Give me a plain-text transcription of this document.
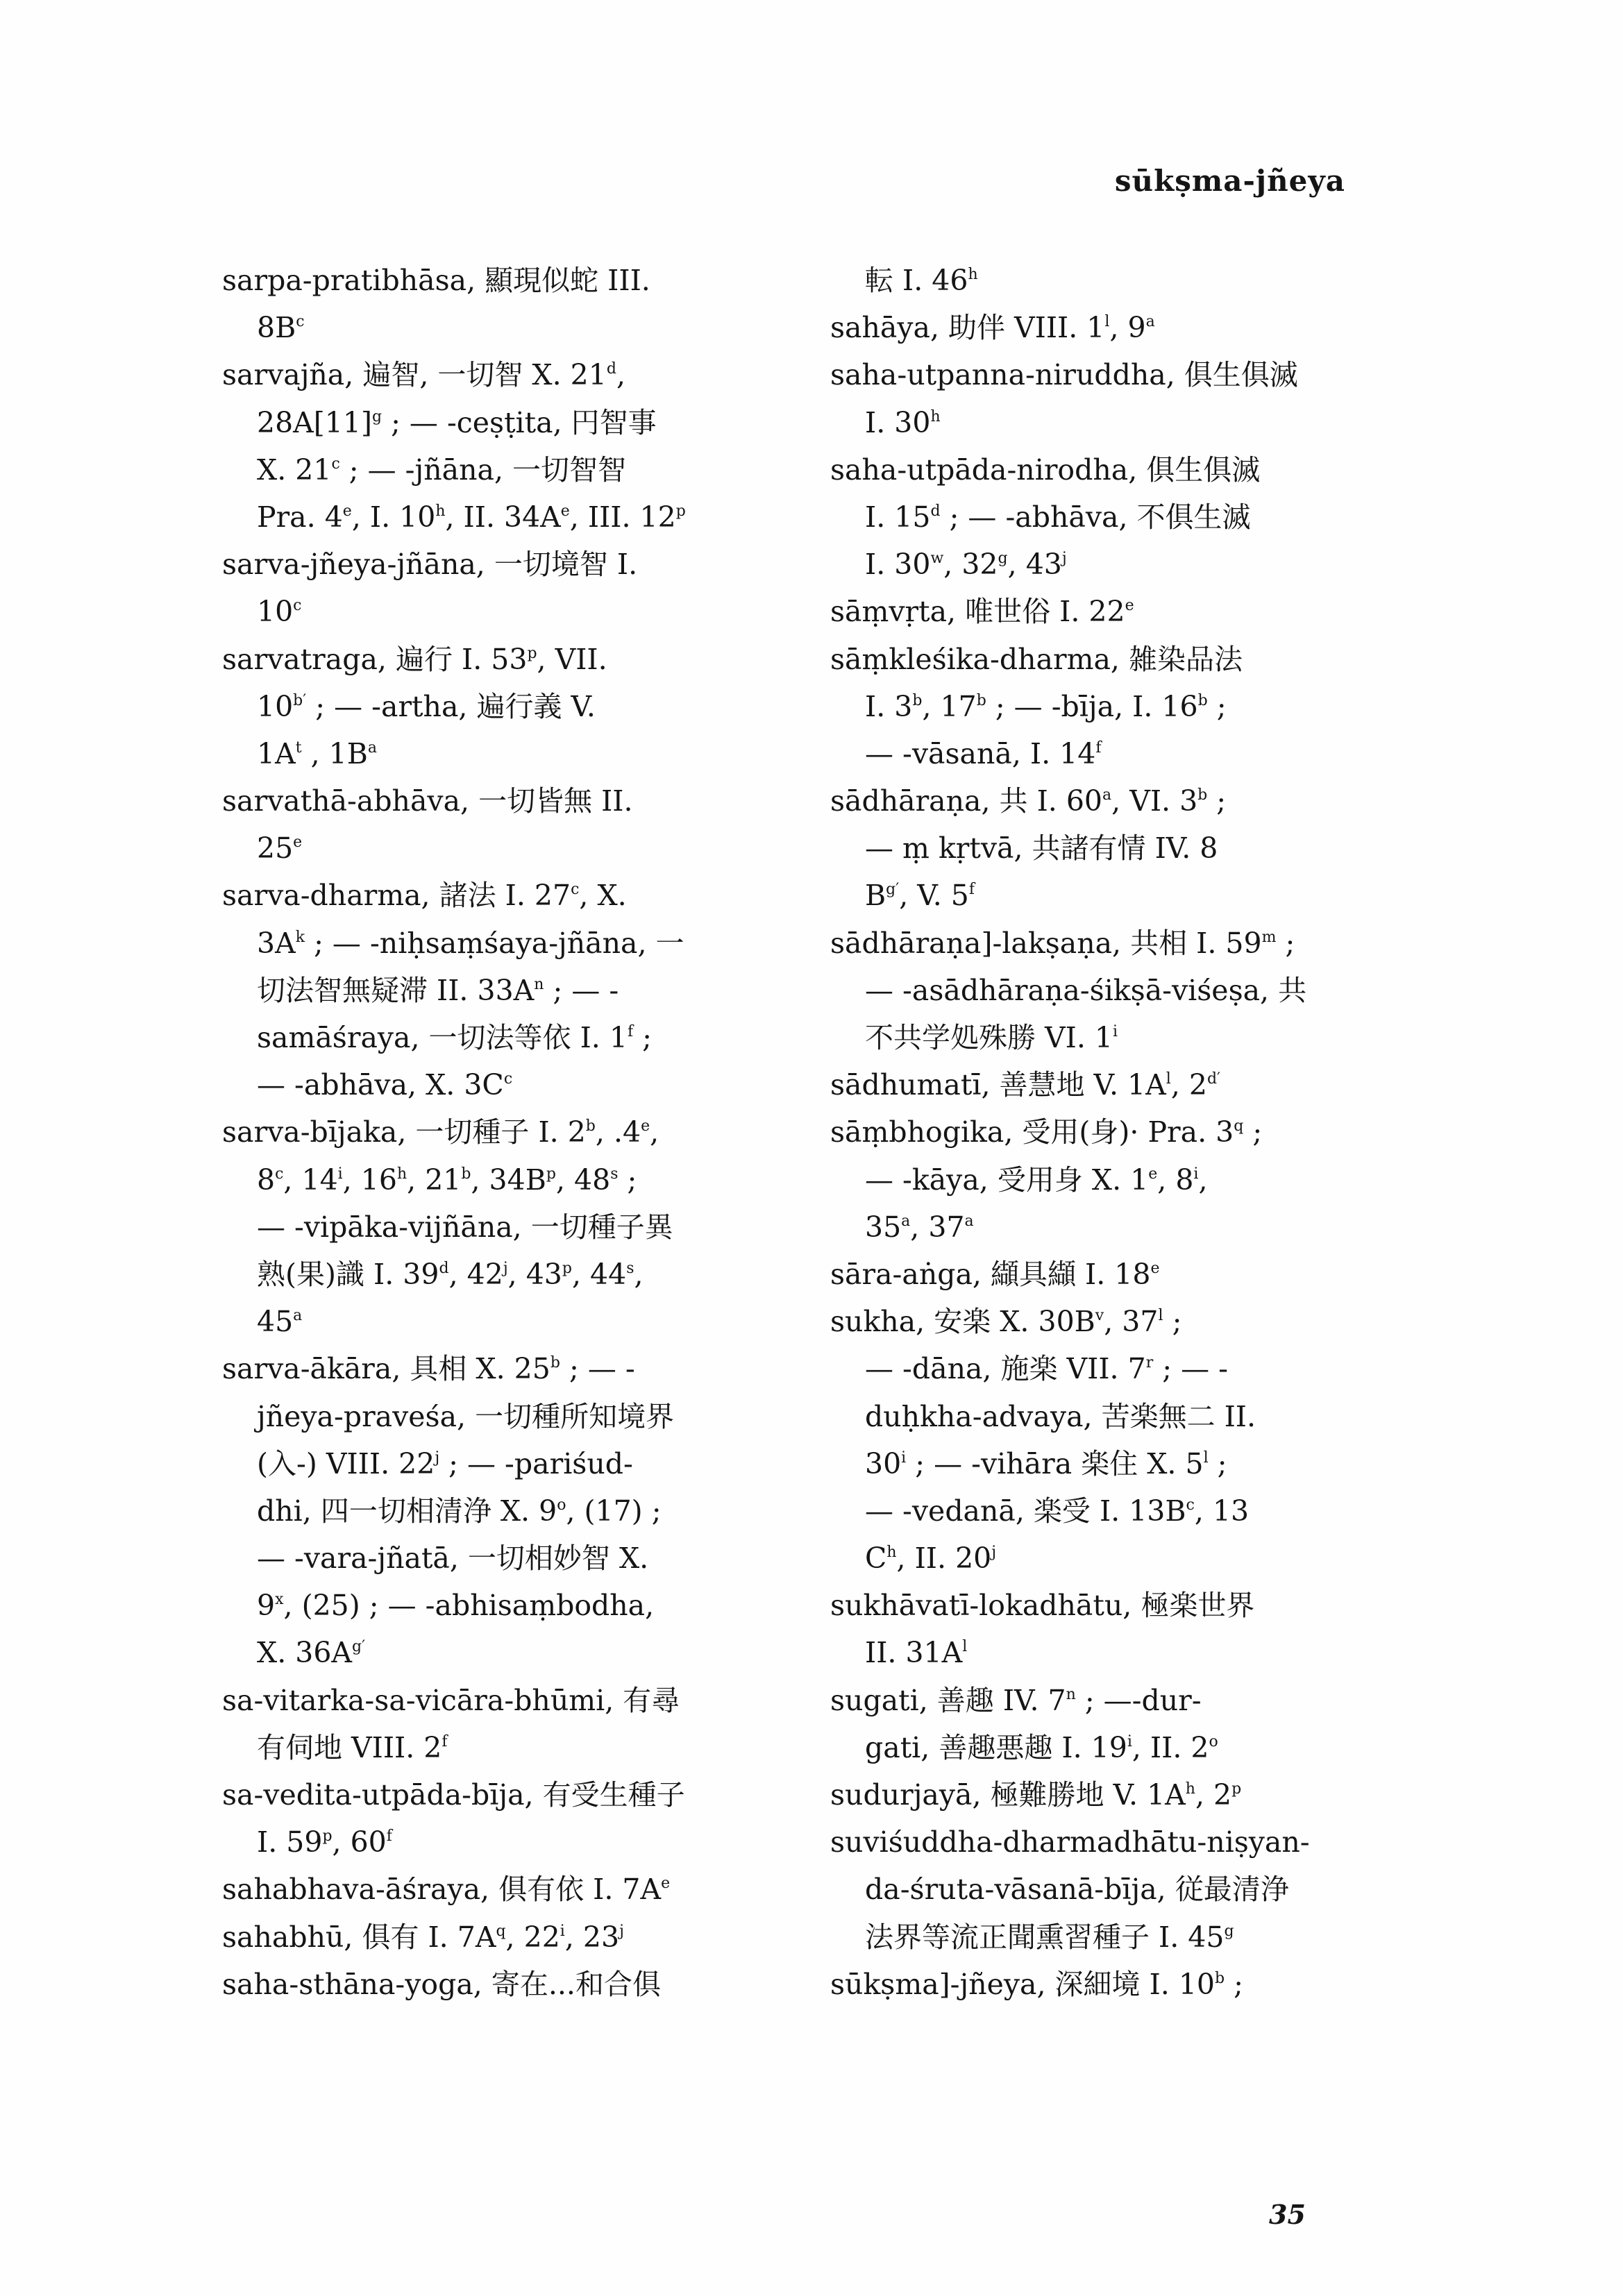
sūkṣma-jñeya
sarpa-pratibhāsa, 顯現似蛇 III.
$8B^c$
sarvajña, 遍智, 一切智 X. 21$^d$,
$28A[11]^g$ ; — -ceṣṭita, 円智事
X. 21$^c$ ; — -jñāna, 一切智智
Pra. 4e, I. 10$^h$, II. $34A^e$, III. 12$^p$
sarva-jñeya-jñāna, 一切境智 I.
10$^c$
sarvatraga, 遍行 I. 53$^p$, VII.
$10^{b'}$ ; — -artha, 遍行義 V.
$1A^t$ , $1B^a$
sarvathā-abhāva, 一切皆無 II.
25e
sarva-dharma, 諸法 I. 27$^c$, X.
$3A^k$ ; — -niḥsaṃśaya-jñāna, 一
切法智無疑滞 II. $33A^n$ ; — -
samāśraya, 一切法等依 I. 1$^f$ ;
— -abhāva, X. $3C^c$
sarva-bījaka, 一切種子 I. 2$^b$, .4e,
8$^c$, 14$^i$, 16$^h$, 21$^b$, $34B^p$, 48$^s$ ;
— -vipāka-vijñāna, 一切種子異
熟(果)識 I. 39$^d$, 42$^j$, 43$^p$, 44$^s$,
45$^a$
sarva-ākāra, 具相 X. 25$^b$ ; — -
jñeya-praveśa, 一切種所知境界
(入-) VIII. 22$^j$ ; — -pariśud-
dhi, 四一切相清浄 X. 9$^o$, (17) ;
— -vara-jñatā, 一切相妙智 X.
9$^x$, (25) ; — -abhisaṃbodha,
X. $36A^{g'}$
sa-vitarka-sa-vicāra-bhūmi, 有尋
有伺地 VIII. 2$^f$
sa-vedita-utpāda-bīja, 有受生種子
I. 59$^p$, 60$^f$
sahabhava-āśraya, 俱有依 I. $7A^e$
sahabhū, 俱有 I. $7A^q$, 22$^i$, 23$^j$
saha-sthāna-yoga, 寄在...和合俱
転 I. 46$^h$
sahāya, 助伴 VIII. 1$^l$, 9$^a$
saha-utpanna-niruddha, 俱生俱滅
I. 30$^h$
saha-utpāda-nirodha, 俱生俱滅
I. 15$^d$ ; — -abhāva, 不俱生滅
I. 30$^w$, 32$^g$, 43$^j$
sāṃvṛta, 唯世俗 I. 22e
sāṃkleśika-dharma, 雑染品法
I. 3$^b$, 17$^b$ ; — -bīja, I. 16$^b$ ;
— -vāsanā, I. 14$^f$
sādhāraṇa, 共 I. 60$^a$, VI. 3$^b$ ;
— ṃ kṛtvā, 共諸有情 IV. 8
$B^{g'}$, V. 5$^f$
sādhāraṇa]-lakṣaṇa, 共相 I. 59$^m$ ;
— -asādhāraṇa-śikṣā-viśeṣa, 共
不共学処殊勝 VI. 1$^i$
sādhumatī, 善慧地 V. $1A^l$, $2^{d'}$
sāṃbhogika, 受用(身)· Pra. 3$^q$ ;
— -kāya, 受用身 X. 1e, 8$^i$,
35$^a$, 37$^a$
sāra-aṅga, 纈具纈 I. 18e
sukha, 安楽 X. $30B^v$, 37$^l$ ;
— -dāna, 施楽 VII. 7$^r$ ; — -
duḥkha-advaya, 苦楽無二 II.
30$^i$ ; — -vihāra 楽住 X. 5$^l$ ;
— -vedanā, 楽受 I. $13B^c$, 13
$C^h$, II. 20$^j$
sukhāvatī-lokadhātu, 極楽世界
II. $31A^l$
sugati, 善趣 IV. 7$^n$ ; —-dur-
gati, 善趣悪趣 I. 19$^i$, II. 2$^o$
sudurjayā, 極難勝地 V. $1A^h$, 2$^p$
suviśuddha-dharmadhātu-niṣyan-
da-śruta-vāsanā-bīja, 従最清浄
法界等流正聞熏習種子 I. 45$^g$
sūkṣma]-jñeya, 深細境 I. 10$^b$ ;
35
